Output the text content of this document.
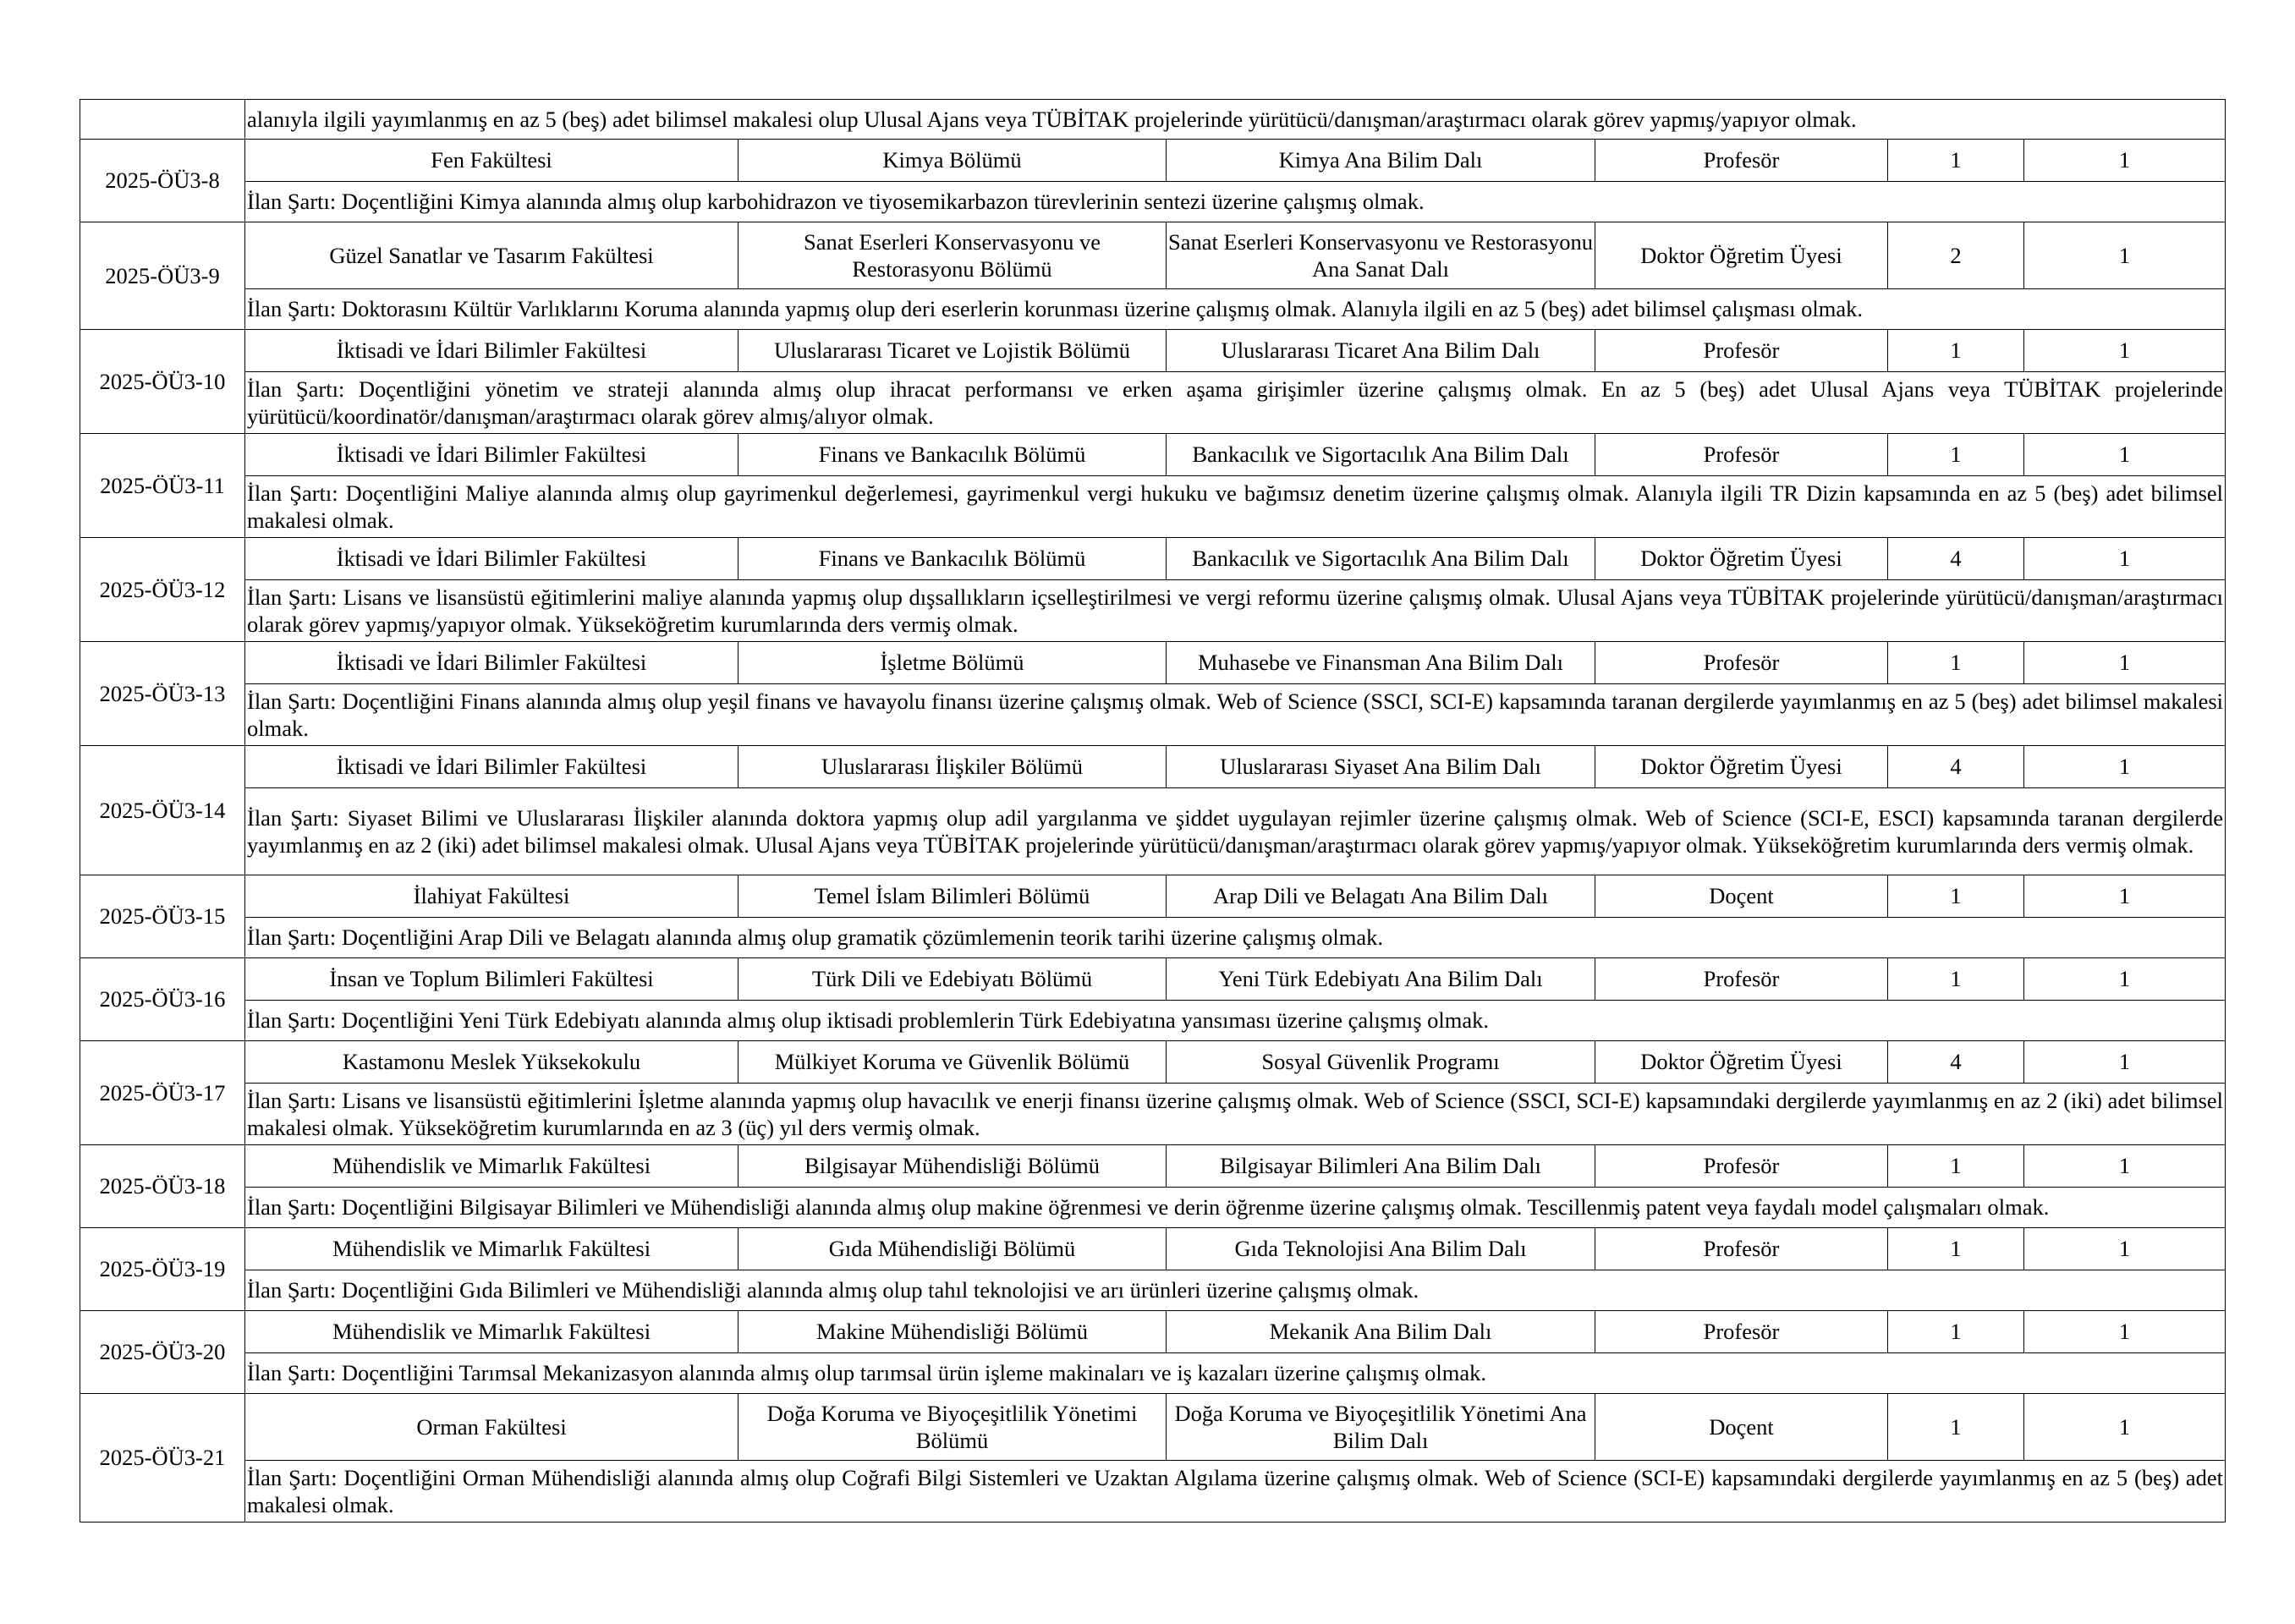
	alanıyla ilgili yayımlanmış en az 5 (beş) adet bilimsel makalesi olup Ulusal Ajans veya TÜBİTAK projelerinde yürütücü/danışman/araştırmacı olarak görev yapmış/yapıyor olmak.					
2025-ÖÜ3-8	Fen Fakültesi	Kimya Bölümü	Kimya Ana Bilim Dalı	Profesör	1	1
	İlan Şartı: Doçentliğini Kimya alanında almış olup karbohidrazon ve tiyosemikarbazon türevlerinin sentezi üzerine çalışmış olmak.					
2025-ÖÜ3-9	Güzel Sanatlar ve Tasarım Fakültesi	Sanat Eserleri Konservasyonu ve Restorasyonu Bölümü	Sanat Eserleri Konservasyonu ve Restorasyonu Ana Sanat Dalı	Doktor Öğretim Üyesi	2	1
	İlan Şartı: Doktorasını Kültür Varlıklarını Koruma alanında yapmış olup deri eserlerin korunması üzerine çalışmış olmak. Alanıyla ilgili en az 5 (beş) adet bilimsel çalışması olmak.					
2025-ÖÜ3-10	İktisadi ve İdari Bilimler Fakültesi	Uluslararası Ticaret ve Lojistik Bölümü	Uluslararası Ticaret Ana Bilim Dalı	Profesör	1	1
	İlan Şartı: Doçentliğini yönetim ve strateji alanında almış olup ihracat performansı ve erken aşama girişimler üzerine çalışmış olmak. En az 5 (beş) adet Ulusal Ajans veya TÜBİTAK projelerinde yürütücü/koordinatör/danışman/araştırmacı olarak görev almış/alıyor olmak.					
2025-ÖÜ3-11	İktisadi ve İdari Bilimler Fakültesi	Finans ve Bankacılık Bölümü	Bankacılık ve Sigortacılık Ana Bilim Dalı	Profesör	1	1
	İlan Şartı: Doçentliğini Maliye alanında almış olup gayrimenkul değerlemesi, gayrimenkul vergi hukuku ve bağımsız denetim üzerine çalışmış olmak. Alanıyla ilgili TR Dizin kapsamında en az 5 (beş) adet bilimsel makalesi olmak.					
2025-ÖÜ3-12	İktisadi ve İdari Bilimler Fakültesi	Finans ve Bankacılık Bölümü	Bankacılık ve Sigortacılık Ana Bilim Dalı	Doktor Öğretim Üyesi	4	1
	İlan Şartı: Lisans ve lisansüstü eğitimlerini maliye alanında yapmış olup dışsallıkların içselleştirilmesi ve vergi reformu üzerine çalışmış olmak. Ulusal Ajans veya TÜBİTAK projelerinde yürütücü/danışman/araştırmacı olarak görev yapmış/yapıyor olmak. Yükseköğretim kurumlarında ders vermiş olmak.					
2025-ÖÜ3-13	İktisadi ve İdari Bilimler Fakültesi	İşletme Bölümü	Muhasebe ve Finansman Ana Bilim Dalı	Profesör	1	1
	İlan Şartı: Doçentliğini Finans alanında almış olup yeşil finans ve havayolu finansı üzerine çalışmış olmak. Web of Science (SSCI, SCI-E) kapsamında taranan dergilerde yayımlanmış en az 5 (beş) adet bilimsel makalesi olmak.					
2025-ÖÜ3-14	İktisadi ve İdari Bilimler Fakültesi	Uluslararası İlişkiler Bölümü	Uluslararası Siyaset Ana Bilim Dalı	Doktor Öğretim Üyesi	4	1
	İlan Şartı: Siyaset Bilimi ve Uluslararası İlişkiler alanında doktora yapmış olup adil yargılanma ve şiddet uygulayan rejimler üzerine çalışmış olmak. Web of Science (SCI-E, ESCI) kapsamında taranan dergilerde yayımlanmış en az 2 (iki) adet bilimsel makalesi olmak. Ulusal Ajans veya TÜBİTAK projelerinde yürütücü/danışman/araştırmacı olarak görev yapmış/yapıyor olmak. Yükseköğretim kurumlarında ders vermiş olmak.					
2025-ÖÜ3-15	İlahiyat Fakültesi	Temel İslam Bilimleri Bölümü	Arap Dili ve Belagatı Ana Bilim Dalı	Doçent	1	1
	İlan Şartı: Doçentliğini Arap Dili ve Belagatı alanında almış olup gramatik çözümlemenin teorik tarihi üzerine çalışmış olmak.					
2025-ÖÜ3-16	İnsan ve Toplum Bilimleri Fakültesi	Türk Dili ve Edebiyatı Bölümü	Yeni Türk Edebiyatı Ana Bilim Dalı	Profesör	1	1
	İlan Şartı: Doçentliğini Yeni Türk Edebiyatı alanında almış olup iktisadi problemlerin Türk Edebiyatına yansıması üzerine çalışmış olmak.					
2025-ÖÜ3-17	Kastamonu Meslek Yüksekokulu	Mülkiyet Koruma ve Güvenlik Bölümü	Sosyal Güvenlik Programı	Doktor Öğretim Üyesi	4	1
	İlan Şartı: Lisans ve lisansüstü eğitimlerini İşletme alanında yapmış olup havacılık ve enerji finansı üzerine çalışmış olmak. Web of Science (SSCI, SCI-E) kapsamındaki dergilerde yayımlanmış en az 2 (iki) adet bilimsel makalesi olmak. Yükseköğretim kurumlarında en az 3 (üç) yıl ders vermiş olmak.					
2025-ÖÜ3-18	Mühendislik ve Mimarlık Fakültesi	Bilgisayar Mühendisliği Bölümü	Bilgisayar Bilimleri Ana Bilim Dalı	Profesör	1	1
	İlan Şartı: Doçentliğini Bilgisayar Bilimleri ve Mühendisliği alanında almış olup makine öğrenmesi ve derin öğrenme üzerine çalışmış olmak. Tescillenmiş patent veya faydalı model çalışmaları olmak.					
2025-ÖÜ3-19	Mühendislik ve Mimarlık Fakültesi	Gıda Mühendisliği Bölümü	Gıda Teknolojisi Ana Bilim Dalı	Profesör	1	1
	İlan Şartı: Doçentliğini Gıda Bilimleri ve Mühendisliği alanında almış olup tahıl teknolojisi ve arı ürünleri üzerine çalışmış olmak.					
2025-ÖÜ3-20	Mühendislik ve Mimarlık Fakültesi	Makine Mühendisliği Bölümü	Mekanik Ana Bilim Dalı	Profesör	1	1
	İlan Şartı: Doçentliğini Tarımsal Mekanizasyon alanında almış olup tarımsal ürün işleme makinaları ve iş kazaları üzerine çalışmış olmak.					
2025-ÖÜ3-21	Orman Fakültesi	Doğa Koruma ve Biyoçeşitlilik Yönetimi Bölümü	Doğa Koruma ve Biyoçeşitlilik Yönetimi Ana Bilim Dalı	Doçent	1	1
	İlan Şartı: Doçentliğini Orman Mühendisliği alanında almış olup Coğrafi Bilgi Sistemleri ve Uzaktan Algılama üzerine çalışmış olmak. Web of Science (SCI-E) kapsamındaki dergilerde yayımlanmış en az 5 (beş) adet makalesi olmak.					
